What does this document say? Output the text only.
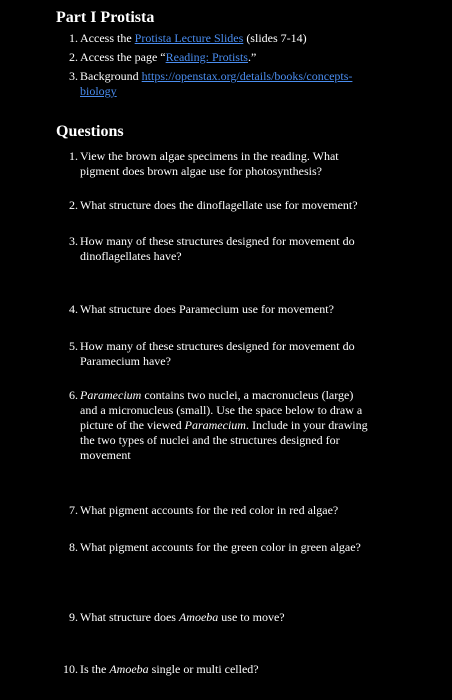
Part I Protista
1. Access the Protista Lecture Slides (slides 7-14)
2. Access the page “Reading: Protists.”
3. Background https://openstax.org/details/books/concepts-
biology
Questions
1. View the brown algae specimens in the reading. What
pigment does brown algae use for photosynthesis?
2. What structure does the dinoflagellate use for movement?
3. How many of these structures designed for movement do
dinoflagellates have?
4. What structure does Paramecium use for movement?
5. How many of these structures designed for movement do
Paramecium have?
6. Paramecium contains two nuclei, a macronucleus (large)
and a micronucleus (small). Use the space below to draw a
picture of the viewed Paramecium. Include in your drawing
the two types of nuclei and the structures designed for
movement
7. What pigment accounts for the red color in red algae?
8. What pigment accounts for the green color in green algae?
9. What structure does Amoeba use to move?
10. Is the Amoeba single or multi celled?
